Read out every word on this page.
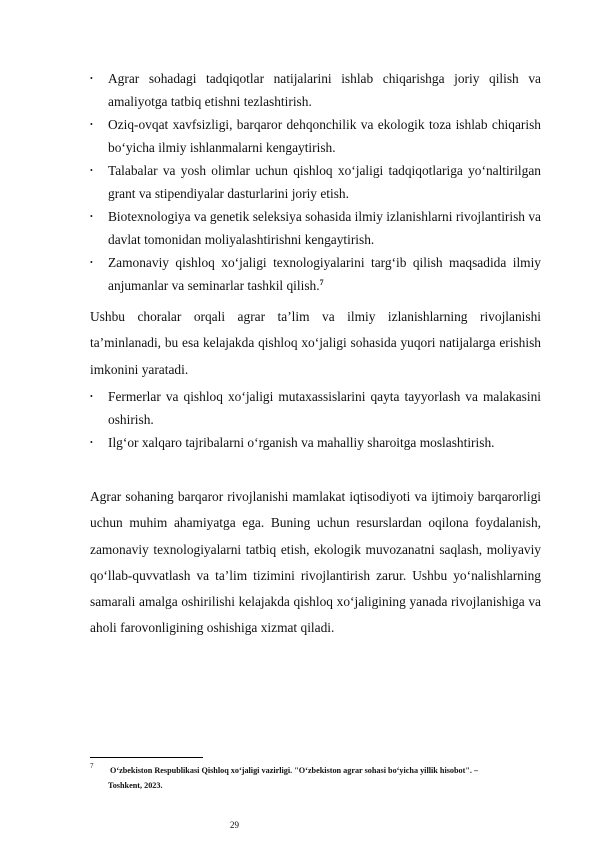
• Agrar sohadagi tadqiqotlar natijalarini ishlab chiqarishga joriy qilish va amaliyotga tatbiq etishni tezlashtirish.
• Oziq-ovqat xavfsizligi, barqaror dehqonchilik va ekologik toza ishlab chiqarish bo‘yicha ilmiy ishlanmalarni kengaytirish.
• Talabalar va yosh olimlar uchun qishloq xo‘jaligi tadqiqotlariga yo‘naltirilgan grant va stipendiyalar dasturlarini joriy etish.
• Biotexnologiya va genetik seleksiya sohasida ilmiy izlanishlarni rivojlantirish va davlat tomonidan moliyalashtirishni kengaytirish.
• Zamonaviy qishloq xo‘jaligi texnologiyalarini targ‘ib qilish maqsadida ilmiy anjumanlar va seminarlar tashkil qilish.$^7$

Ushbu choralar orqali agrar ta’lim va ilmiy izlanishlarning rivojlanishi ta’minlanadi, bu esa kelajakda qishloq xo‘jaligi sohasida yuqori natijalarga erishish imkonini yaratadi.

• Fermerlar va qishloq xo‘jaligi mutaxassislarini qayta tayyorlash va malakasini oshirish.
• Ilg‘or xalqaro tajribalarni o‘rganish va mahalliy sharoitga moslashtirish.

Agrar sohaning barqaror rivojlanishi mamlakat iqtisodiyoti va ijtimoiy barqarorligi uchun muhim ahamiyatga ega. Buning uchun resurslardan oqilona foydalanish, zamonaviy texnologiyalarni tatbiq etish, ekologik muvozanatni saqlash, moliyaviy qo‘llab-quvvatlash va ta’lim tizimini rivojlantirish zarur. Ushbu yo‘nalishlarning samarali amalga oshirilishi kelajakda qishloq xo‘jaligining yanada rivojlanishiga va aholi farovonligining oshishiga xizmat qiladi.

7	O‘zbekiston Respublikasi Qishloq xo‘jaligi vazirligi. "O‘zbekiston agrar sohasi bo‘yicha yillik hisobot". –
Toshkent, 2023.
29
